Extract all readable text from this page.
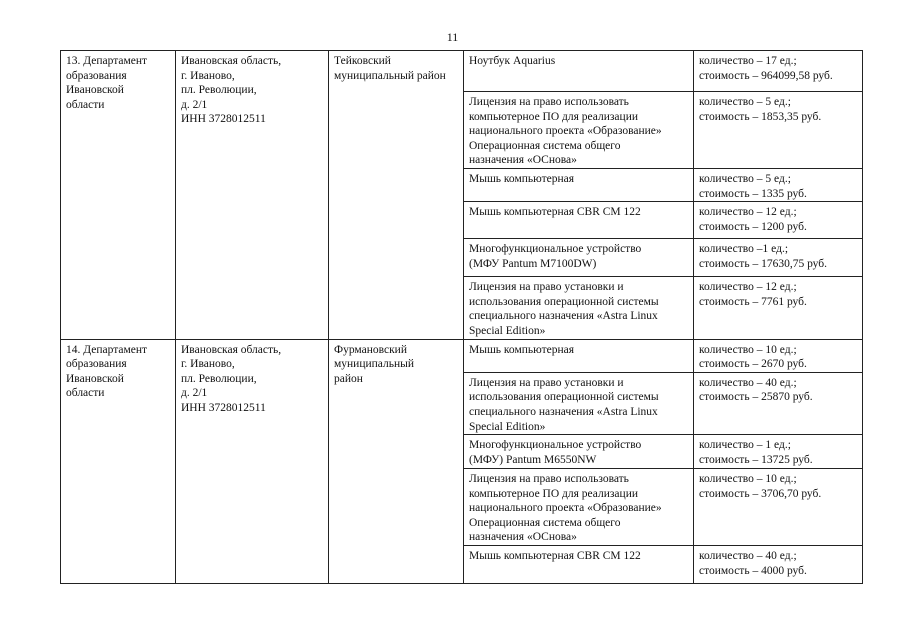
11
13. Департамент
образования
Ивановской
области	Ивановская область,
г. Иваново,
пл. Революции,
д. 2/1
ИНН 3728012511	Тейковский
муниципальный район	Ноутбук Aquarius	количество – 17 ед.;
стоимость – 964099,58 руб.
			Лицензия на право использовать
компьютерное ПО для реализации
национального проекта «Образование»
Операционная система общего
назначения «ОСнова»	количество – 5 ед.;
стоимость – 1853,35 руб.
			Мышь компьютерная	количество – 5 ед.;
стоимость – 1335 руб.
			Мышь компьютерная CBR CM 122	количество – 12 ед.;
стоимость – 1200 руб.
			Многофункциональное устройство
(МФУ Pantum M7100DW)	количество –1 ед.;
стоимость – 17630,75 руб.
			Лицензия на право установки и
использования операционной системы
специального назначения «Astra Linux
Special Edition»	количество – 12 ед.;
стоимость – 7761 руб.
14. Департамент
образования
Ивановской
области	Ивановская область,
г. Иваново,
пл. Революции,
д. 2/1
ИНН 3728012511	Фурмановский
муниципальный
район	Мышь компьютерная	количество – 10 ед.;
стоимость – 2670 руб.
			Лицензия на право установки и
использования операционной системы
специального назначения «Astra Linux
Special Edition»	количество – 40 ед.;
стоимость – 25870 руб.
			Многофункциональное устройство
(МФУ) Pantum M6550NW	количество – 1 ед.;
стоимость – 13725 руб.
			Лицензия на право использовать
компьютерное ПО для реализации
национального проекта «Образование»
Операционная система общего
назначения «ОСнова»	количество – 10 ед.;
стоимость – 3706,70 руб.
			Мышь компьютерная CBR CM 122	количество – 40 ед.;
стоимость – 4000 руб.
